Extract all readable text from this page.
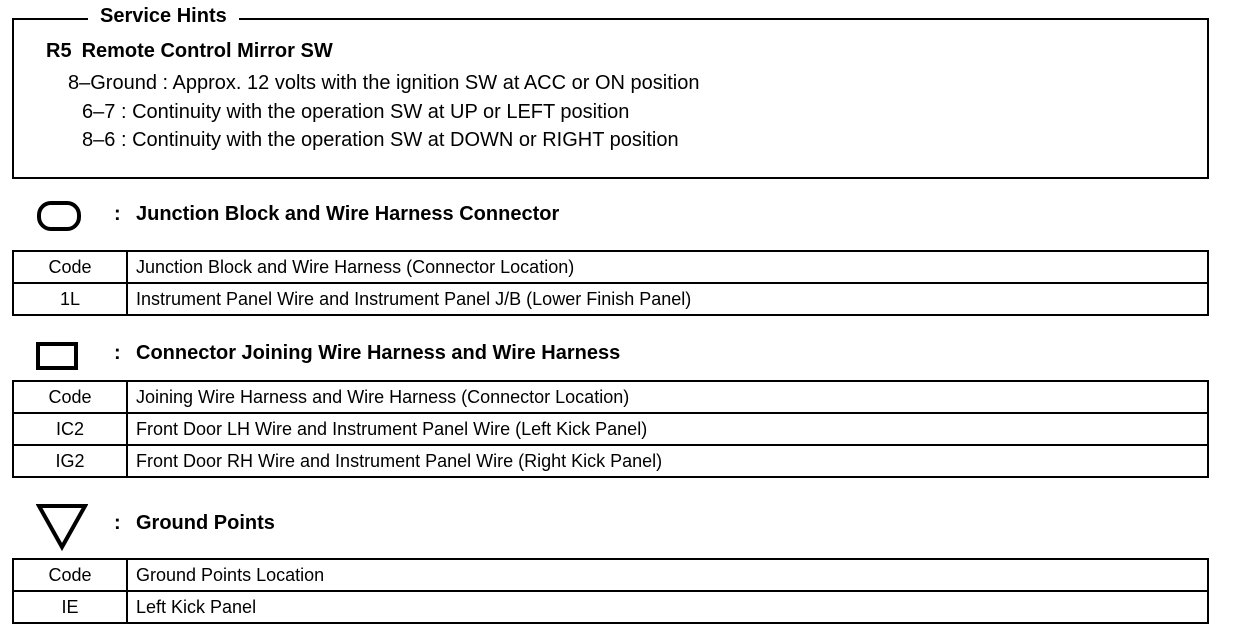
Service Hints
R5 Remote Control Mirror SW
8–Ground : Approx. 12 volts with the ignition SW at ACC or ON position
6–7 : Continuity with the operation SW at UP or LEFT position
8–6 : Continuity with the operation SW at DOWN or RIGHT position
: Junction Block and Wire Harness Connector
Code	Junction Block and Wire Harness (Connector Location)
1L	Instrument Panel Wire and Instrument Panel J/B (Lower Finish Panel)
: Connector Joining Wire Harness and Wire Harness
Code	Joining Wire Harness and Wire Harness (Connector Location)
IC2	Front Door LH Wire and Instrument Panel Wire (Left Kick Panel)
IG2	Front Door RH Wire and Instrument Panel Wire (Right Kick Panel)
: Ground Points
Code	Ground Points Location
IE	Left Kick Panel
